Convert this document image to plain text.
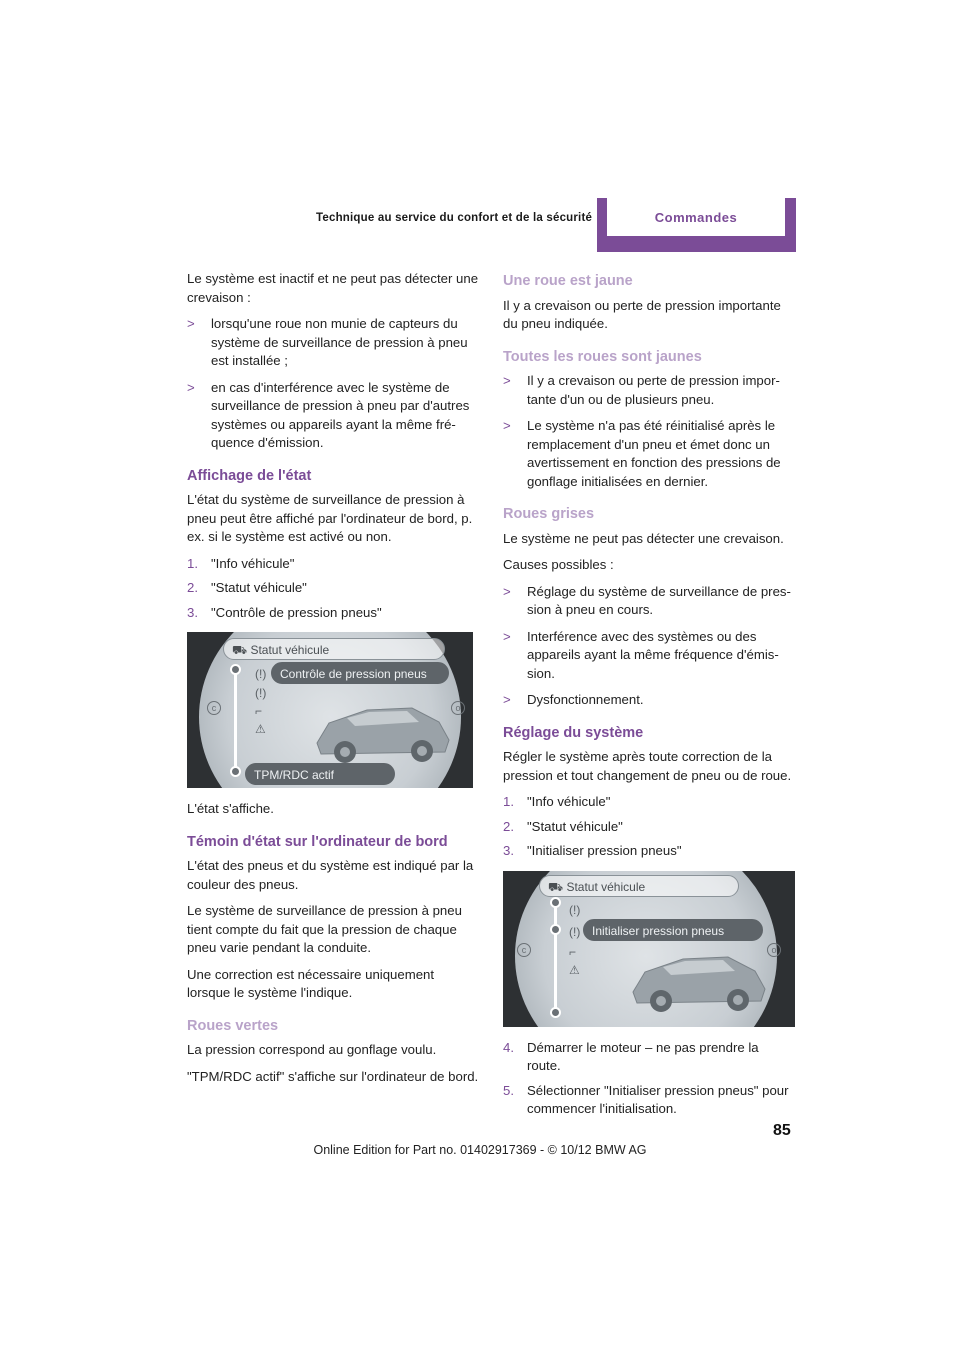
Technique au service du confort et de la sécurité	Commandes

Le système est inactif et ne peut pas détecter une crevaison :

>	lorsqu'une roue non munie de capteurs du système de surveillance de pression à pneu est installée ;
>	en cas d'interférence avec le système de surveillance de pression à pneu par d'autres systèmes ou appareils ayant la même fré-quence d'émission.
Affichage de l'état

L'état du système de surveillance de pression à pneu peut être affiché par l'ordinateur de bord, p. ex. si le système est activé ou non.

1. "Info véhicule"
2. "Statut véhicule"
3. "Contrôle de pression pneus"
⛟ Statut véhicule
Contrôle de pression pneus
(!)
(!)
⌐
⚠
c	o
TPM/RDC actif

L'état s'affiche.

Témoin d'état sur l'ordinateur de bord

L'état des pneus et du système est indiqué par la couleur des pneus.

Le système de surveillance de pression à pneu tient compte du fait que la pression de chaque pneu varie pendant la conduite.

Une correction est nécessaire uniquement lorsque le système l'indique.

Roues vertes

La pression correspond au gonflage voulu.

"TPM/RDC actif" s'affiche sur l'ordinateur de bord.

Une roue est jaune

Il y a crevaison ou perte de pression importante du pneu indiquée.

Toutes les roues sont jaunes
>	Il y a crevaison ou perte de pression impor-tante d'un ou de plusieurs pneu.
>	Le système n'a pas été réinitialisé après le remplacement d'un pneu et émet donc un avertissement en fonction des pressions de gonflage initialisées en dernier.
Roues grises

Le système ne peut pas détecter une crevaison.

Causes possibles :

>	Réglage du système de surveillance de pres-sion à pneu en cours.
>	Interférence avec des systèmes ou des appareils ayant la même fréquence d'émis-sion.
>	Dysfonctionnement.
Réglage du système

Régler le système après toute correction de la pression et tout changement de pneu ou de roue.

1. "Info véhicule"
2. "Statut véhicule"
3. "Initialiser pression pneus"
⛟ Statut véhicule
Initialiser pression pneus
(!)
(!)
⌐
⚠
c	o
4. Démarrer le moteur – ne pas prendre la route.
5. Sélectionner "Initialiser pression pneus" pour commencer l'initialisation.
85
Online Edition for Part no. 01402917369 - © 10/12 BMW AG
